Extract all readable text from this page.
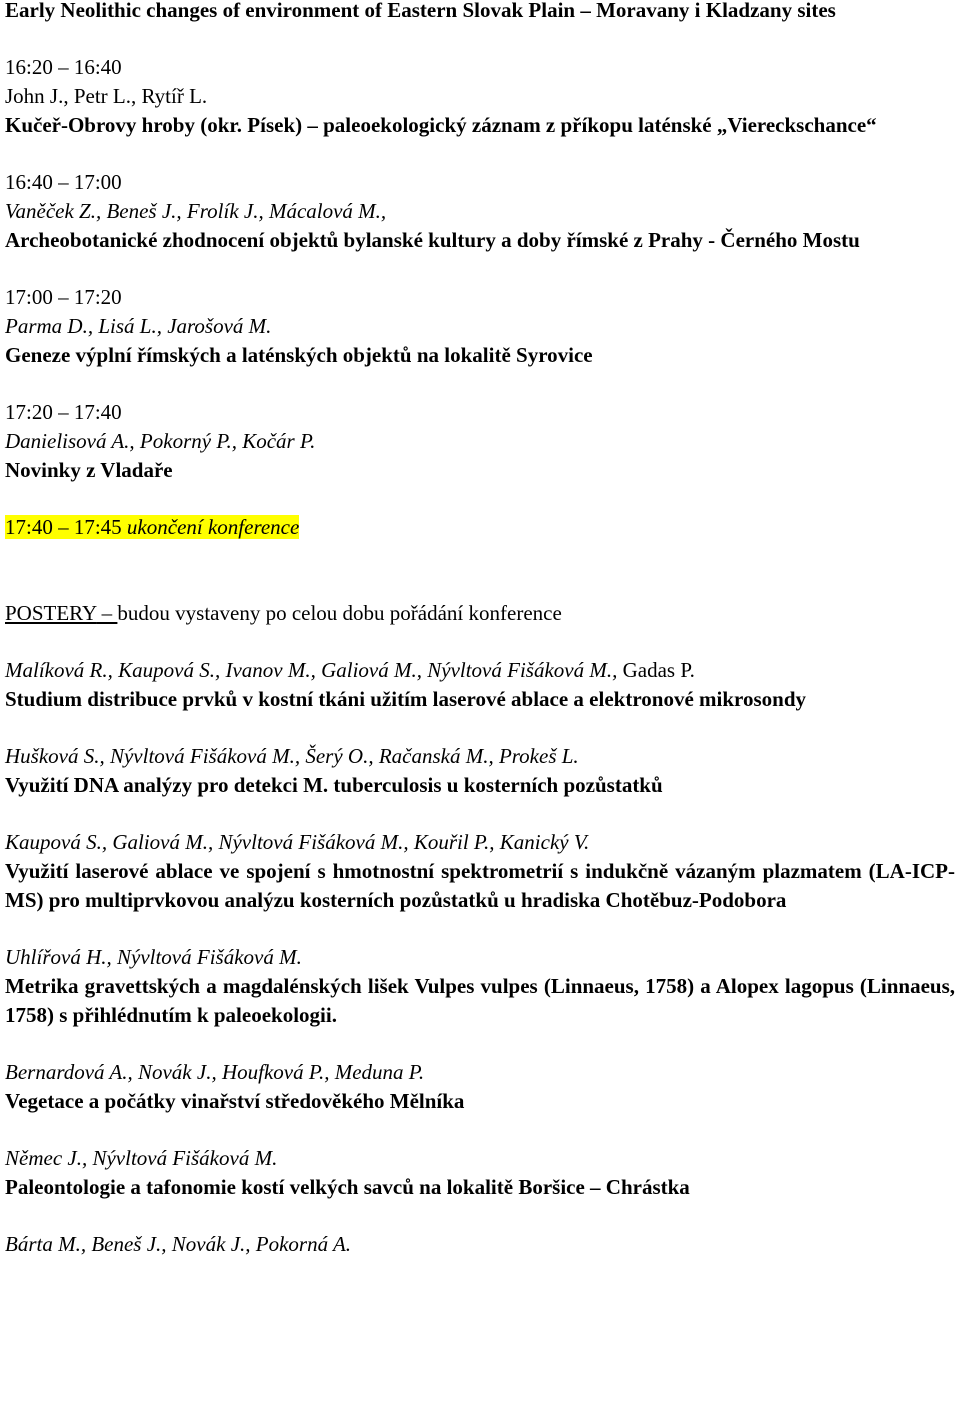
Early Neolithic changes of environment of Eastern Slovak Plain – Moravany i Kladzany sites

16:20 – 16:40

John J., Petr L., Rytíř L.

Kučeř-Obrovy hroby (okr. Písek) – paleoekologický záznam z příkopu laténské „Viereckschance“

16:40 – 17:00

Vaněček Z., Beneš J., Frolík J., Mácalová M.,

Archeobotanické zhodnocení objektů bylanské kultury a doby římské z Prahy - Černého Mostu

17:00 – 17:20

Parma D., Lisá L., Jarošová M.

Geneze výplní římských a laténských objektů na lokalitě Syrovice

17:20 – 17:40

Danielisová A., Pokorný P., Kočár P.

Novinky z Vladaře

17:40 – 17:45 ukončení konference

POSTERY – budou vystaveny po celou dobu pořádání konference

Malíková R., Kaupová S., Ivanov M., Galiová M., Nývltová Fišáková M., Gadas P.

Studium distribuce prvků v kostní tkáni užitím laserové ablace a elektronové mikrosondy

Hušková S., Nývltová Fišáková M., Šerý O., Račanská M., Prokeš L.

Využití DNA analýzy pro detekci M. tuberculosis u kosterních pozůstatků

Kaupová S., Galiová M., Nývltová Fišáková M., Kouřil P., Kanický V.

Využití laserové ablace ve spojení s hmotnostní spektrometrií s indukčně vázaným plazmatem (LA-ICP-MS) pro multiprvkovou analýzu kosterních pozůstatků u hradiska Chotěbuz-Podobora

Uhlířová H., Nývltová Fišáková M.

Metrika gravettských a magdalénských lišek Vulpes vulpes (Linnaeus, 1758) a Alopex lagopus (Linnaeus, 1758) s přihlédnutím k paleoekologii.

Bernardová A., Novák J., Houfková P., Meduna P.

Vegetace a počátky vinařství středověkého Mělníka

Němec J., Nývltová Fišáková M.

Paleontologie a tafonomie kostí velkých savců na lokalitě Boršice – Chrástka

Bárta M., Beneš J., Novák J., Pokorná A.
